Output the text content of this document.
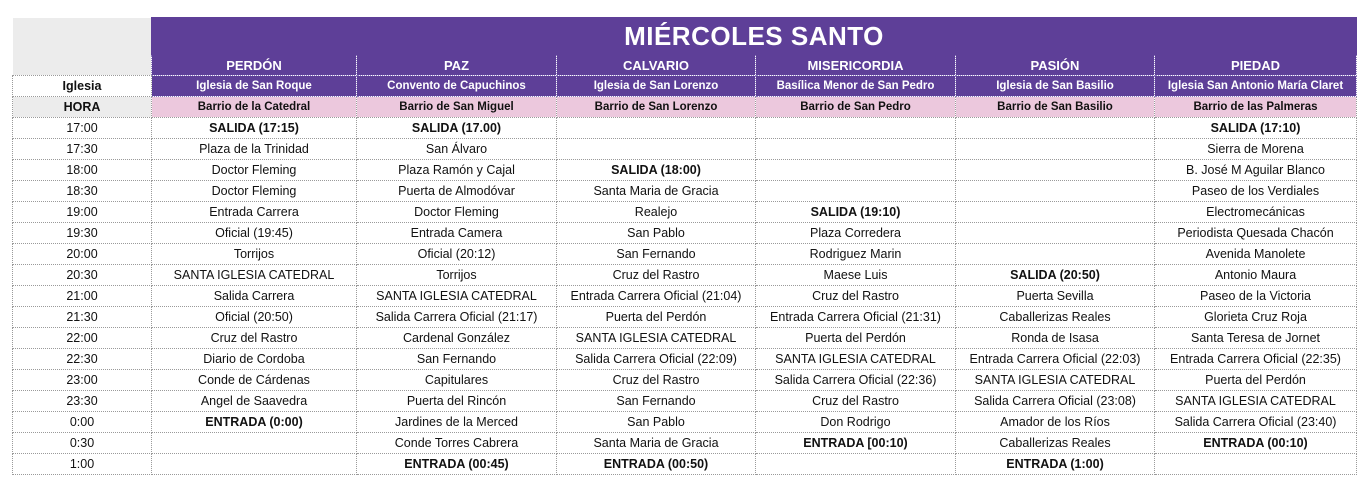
	MIÉRCOLES SANTO					
	PERDÓN	PAZ	CALVARIO	MISERICORDIA	PASIÓN	PIEDAD
Iglesia	Iglesia de San Roque	Convento de Capuchinos	Iglesia de San Lorenzo	Basílica Menor de San Pedro	Iglesia de San Basilio	Iglesia San Antonio María Claret
HORA	Barrio de la Catedral	Barrio de San Miguel	Barrio de San Lorenzo	Barrio de San Pedro	Barrio de San Basilio	Barrio de las Palmeras
17:00	SALIDA (17:15)	SALIDA (17.00)				SALIDA (17:10)
17:30	Plaza de la Trinidad	San Álvaro				Sierra de Morena
18:00	Doctor Fleming	Plaza Ramón y Cajal	SALIDA (18:00)			B. José M Aguilar Blanco
18:30	Doctor Fleming	Puerta de Almodóvar	Santa Maria de Gracia			Paseo de los Verdiales
19:00	Entrada Carrera	Doctor Fleming	Realejo	SALIDA (19:10)		Electromecánicas
19:30	Oficial (19:45)	Entrada Camera	San Pablo	Plaza Corredera		Periodista Quesada Chacón
20:00	Torrijos	Oficial (20:12)	San Fernando	Rodriguez Marin		Avenida Manolete
20:30	SANTA IGLESIA CATEDRAL	Torrijos	Cruz del Rastro	Maese Luis	SALIDA (20:50)	Antonio Maura
21:00	Salida Carrera	SANTA IGLESIA CATEDRAL	Entrada Carrera Oficial (21:04)	Cruz del Rastro	Puerta Sevilla	Paseo de la Victoria
21:30	Oficial (20:50)	Salida Carrera Oficial (21:17)	Puerta del Perdón	Entrada Carrera Oficial (21:31)	Caballerizas Reales	Glorieta Cruz Roja
22:00	Cruz del Rastro	Cardenal González	SANTA IGLESIA CATEDRAL	Puerta del Perdón	Ronda de Isasa	Santa Teresa de Jornet
22:30	Diario de Cordoba	San Fernando	Salida Carrera Oficial (22:09)	SANTA IGLESIA CATEDRAL	Entrada Carrera Oficial (22:03)	Entrada Carrera Oficial (22:35)
23:00	Conde de Cárdenas	Capitulares	Cruz del Rastro	Salida Carrera Oficial (22:36)	SANTA IGLESIA CATEDRAL	Puerta del Perdón
23:30	Angel de Saavedra	Puerta del Rincón	San Fernando	Cruz del Rastro	Salida Carrera Oficial (23:08)	SANTA IGLESIA CATEDRAL
0:00	ENTRADA (0:00)	Jardines de la Merced	San Pablo	Don Rodrigo	Amador de los Ríos	Salida Carrera Oficial (23:40)
0:30		Conde Torres Cabrera	Santa Maria de Gracia	ENTRADA [00:10)	Caballerizas Reales	ENTRADA (00:10)
1:00		ENTRADA (00:45)	ENTRADA (00:50)		ENTRADA (1:00)	
